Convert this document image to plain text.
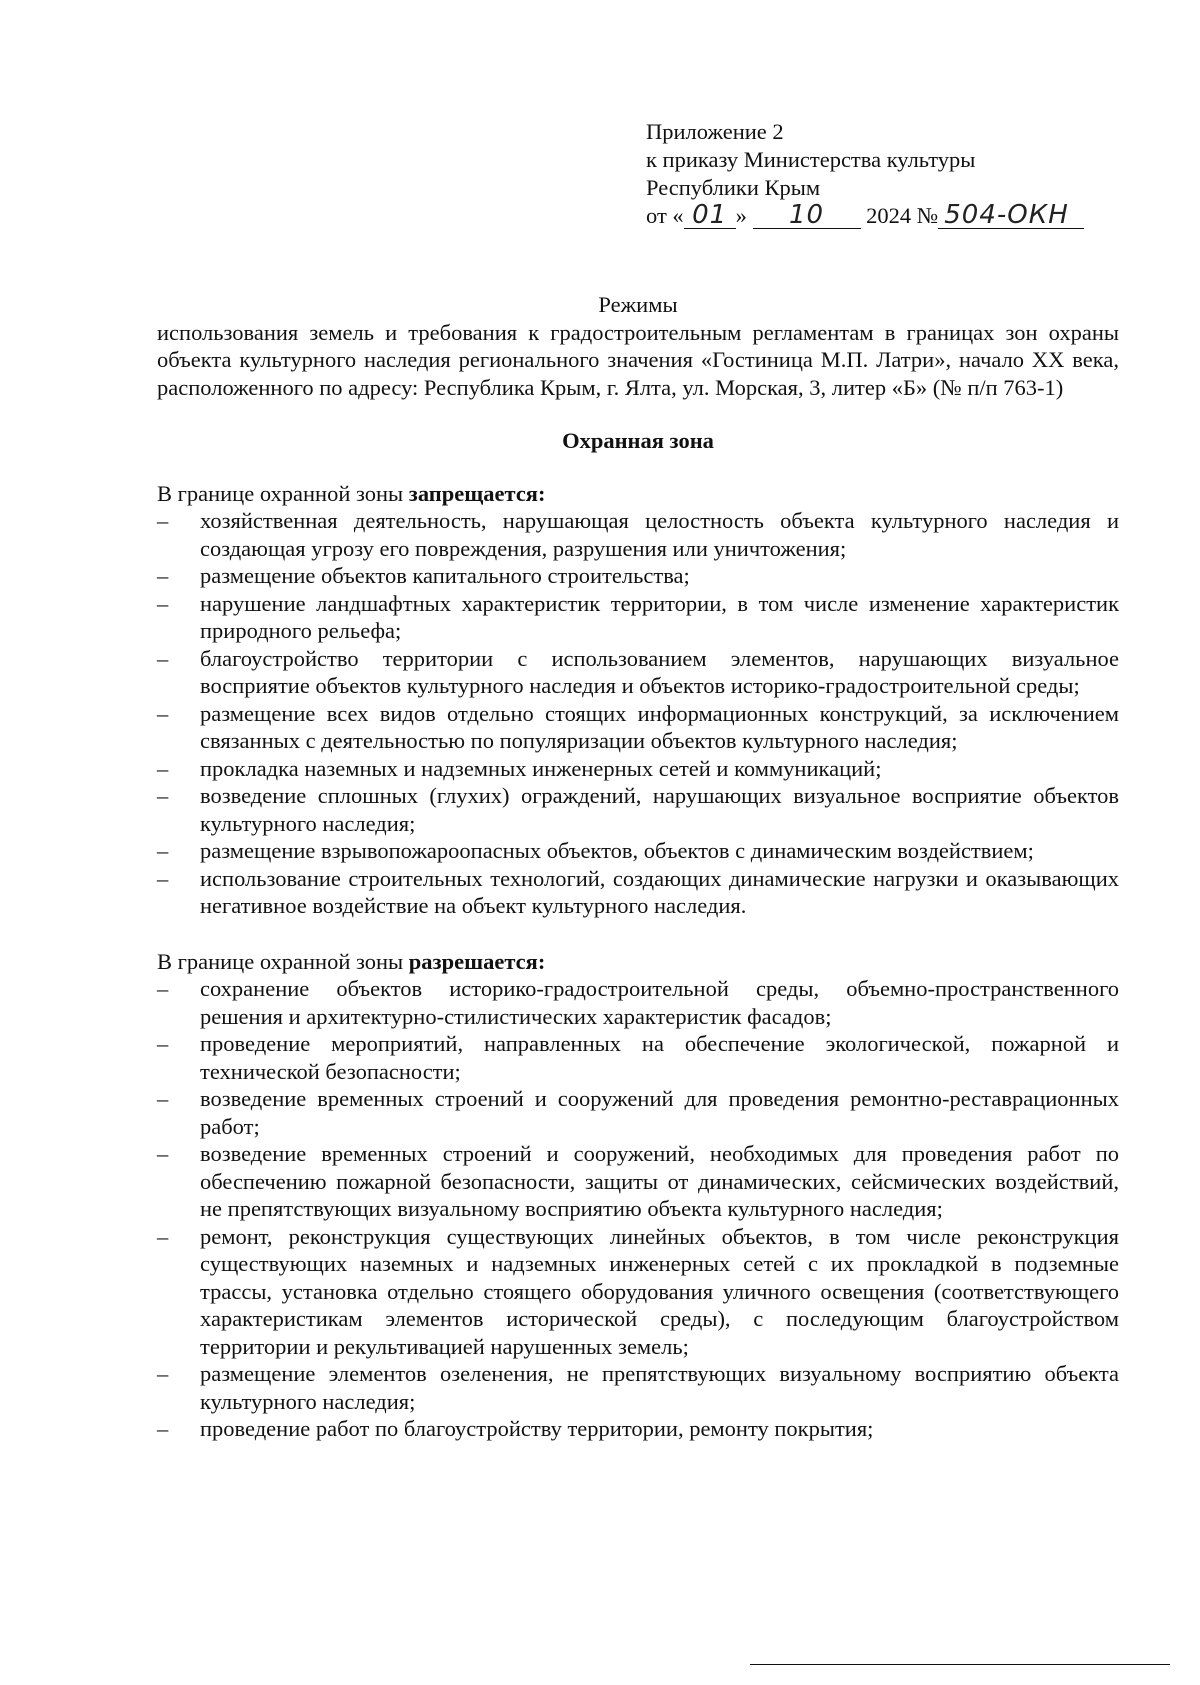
Приложение 2
к приказу Министерства культуры
Республики Крым
от « 01 » 10 2024 № 504-ОКН

Режимы

использования земель и требования к градостроительным регламентам в границах зон охраны объекта культурного наследия регионального значения «Гостиница М.П. Латри», начало XX века, расположенного по адресу: Республика Крым, г. Ялта, ул. Морская, 3, литер «Б» (№ п/п 763-1)

Охранная зона

В границе охранной зоны запрещается:

– хозяйственная деятельность, нарушающая целостность объекта культурного наследия и создающая угрозу его повреждения, разрушения или уничтожения;
– размещение объектов капитального строительства;
– нарушение ландшафтных характеристик территории, в том числе изменение характеристик природного рельефа;
– благоустройство территории с использованием элементов, нарушающих визуальное восприятие объектов культурного наследия и объектов историко-градостроительной среды;
– размещение всех видов отдельно стоящих информационных конструкций, за исключением связанных с деятельностью по популяризации объектов культурного наследия;
– прокладка наземных и надземных инженерных сетей и коммуникаций;
– возведение сплошных (глухих) ограждений, нарушающих визуальное восприятие объектов культурного наследия;
– размещение взрывопожароопасных объектов, объектов с динамическим воздействием;
– использование строительных технологий, создающих динамические нагрузки и оказывающих негативное воздействие на объект культурного наследия.

В границе охранной зоны разрешается:

– сохранение объектов историко-градостроительной среды, объемно-пространственного решения и архитектурно-стилистических характеристик фасадов;
– проведение мероприятий, направленных на обеспечение экологической, пожарной и технической безопасности;
– возведение временных строений и сооружений для проведения ремонтно-реставрационных работ;
– возведение временных строений и сооружений, необходимых для проведения работ по обеспечению пожарной безопасности, защиты от динамических, сейсмических воздействий, не препятствующих визуальному восприятию объекта культурного наследия;
– ремонт, реконструкция существующих линейных объектов, в том числе реконструкция существующих наземных и надземных инженерных сетей с их прокладкой в подземные трассы, установка отдельно стоящего оборудования уличного освещения (соответствующего характеристикам элементов исторической среды), с последующим благоустройством территории и рекультивацией нарушенных земель;
– размещение элементов озеленения, не препятствующих визуальному восприятию объекта культурного наследия;
– проведение работ по благоустройству территории, ремонту покрытия;
